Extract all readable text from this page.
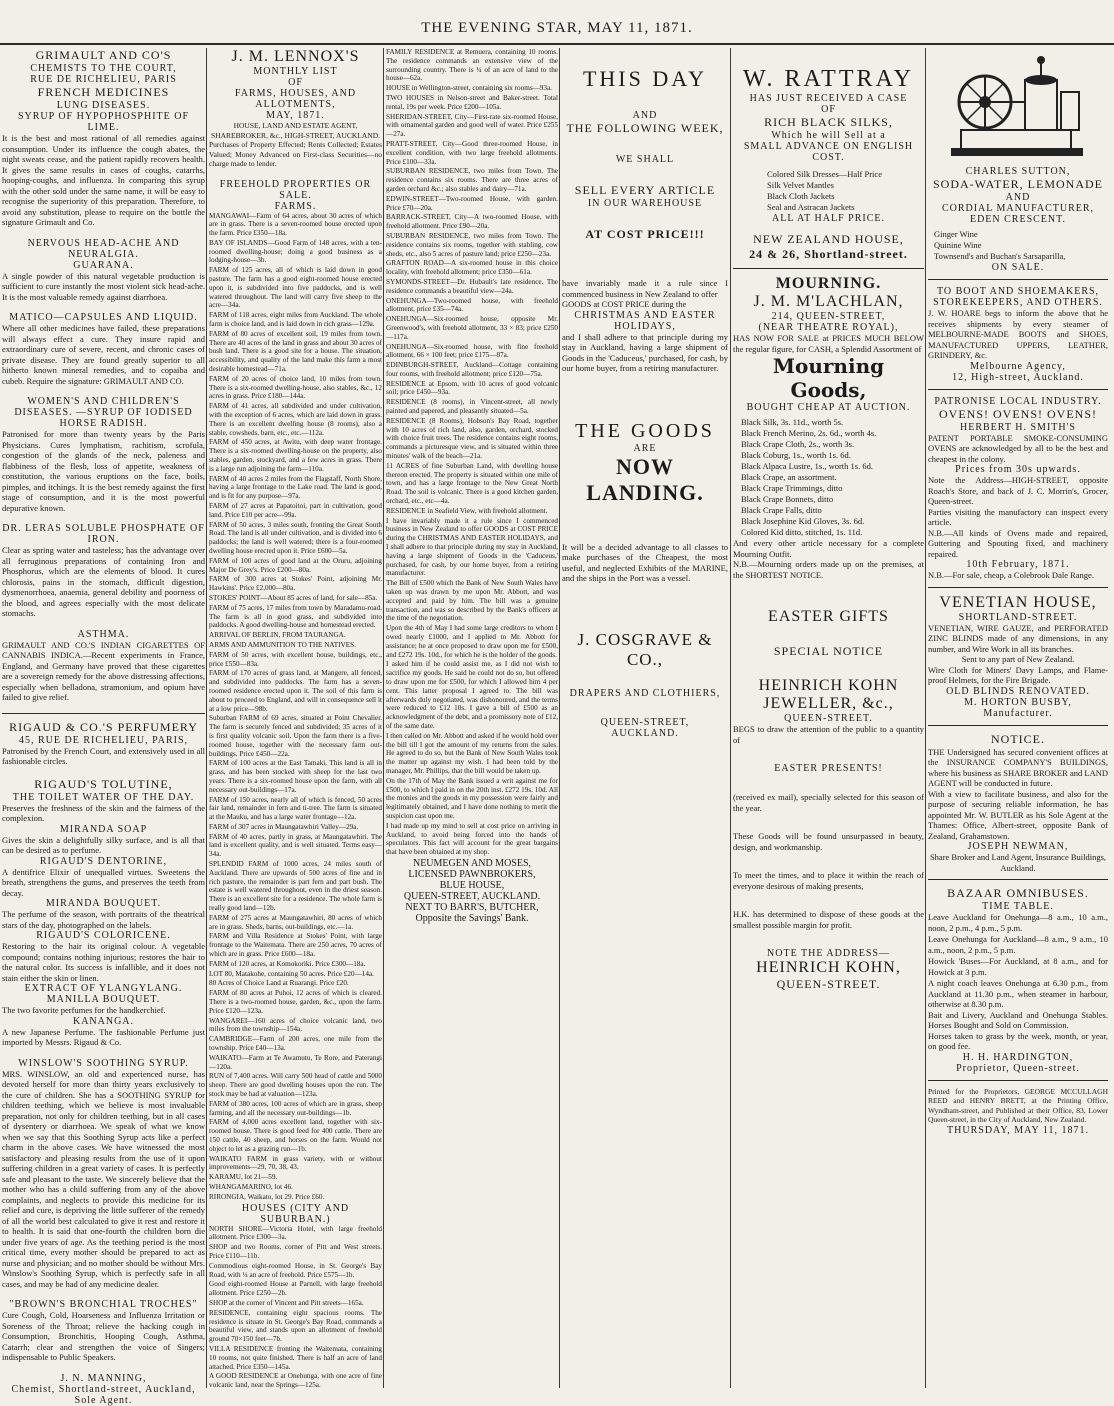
THE EVENING STAR, MAY 11, 1871.
GRIMAULT AND CO'S
CHEMISTS TO THE COURT,
RUE DE RICHELIEU, PARIS
FRENCH MEDICINES
LUNG DISEASES.
SYRUP OF HYPOPHOSPHITE OF LIME.
It is the best and most rational of all remedies against consumption. Under its influence the cough abates, the night sweats cease, and the patient rapidly recovers health. It gives the same results in cases of coughs, catarrhs, hooping-coughs, and influenza. In comparing this syrup with the other sold under the same name, it will be easy to recognise the superiority of this preparation. Therefore, to avoid any substitution, please to require on the bottle the signature Grimault and Co.
NERVOUS HEAD-ACHE AND NEURALGIA.
GUARANA.
A single powder of this natural vegetable production is sufficient to cure instantly the most violent sick head-ache. It is the most valuable remedy against diarrhoea.
MATICO—CAPSULES AND LIQUID.
Where all other medicines have failed, these preparations will always effect a cure. They insure rapid and extraordinary cure of severe, recent, and chronic cases of private disease. They are found greatly superior to all hitherto known mineral remedies, and to copaiba and cubeb. Require the signature: GRIMAULT AND CO.
WOMEN'S AND CHILDREN'S DISEASES. —SYRUP OF IODISED HORSE RADISH.
Patronised for more than twenty years by the Paris Physicians. Cures lymphatism, rachitism, scrofula, congestion of the glands of the neck, paleness and flabbiness of the flesh, loss of appetite, weakness of constitution, the various eruptions on the face, boils, pimples, and itchings. It is the best remedy against the first stage of consumption, and it is the most powerful depurative known.
DR. LERAS SOLUBLE PHOSPHATE OF IRON.
Clear as spring water and tasteless; has the advantage over all ferruginous preparations of containing Iron and Phosphorus, which are the elements of blood. It cures chlorosis, pains in the stomach, difficult digestion, dysmenorrhoea, anaemia, general debility and poorness of the blood, and agrees especially with the most delicate stomachs.
ASTHMA.
GRIMAULT AND CO.'S INDIAN CIGARETTES OF CANNABIS INDICA.—Recent experiments in France, England, and Germany have proved that these cigarettes are a sovereign remedy for the above distressing affections, especially when belladona, stramonium, and opium have failed to give relief.
RIGAUD & CO.'S PERFUMERY
45, RUE DE RICHELIEU, PARIS,
Patronised by the French Court, and extensively used in all fashionable circles.
RIGAUD'S TOLUTINE,
THE TOILET WATER OF THE DAY.
Preserves the freshness of the skin and the fairness of the complexion.
MIRANDA SOAP
Gives the skin a delightfully silky surface, and is all that can be desired as to perfume.
RIGAUD'S DENTORINE,
A dentifrice Elixir of unequalled virtues. Sweetens the breath, strengthens the gums, and preserves the teeth from decay.
MIRANDA BOUQUET.
The perfume of the season, with portraits of the theatrical stars of the day, photographed on the labels.
RIGAUD'S COLORICENE.
Restoring to the hair its original colour. A vegetable compound; contains nothing injurious; restores the hair to the natural color. Its success is infallible, and it does not stain either the skin or linen.
EXTRACT OF YLANGYLANG. MANILLA BOUQUET.
The two favorite perfumes for the handkerchief.
KANANGA.
A new Japanese Perfume. The fashionable Perfume just imported by Messrs. Rigaud & Co.
WINSLOW'S SOOTHING SYRUP.
MRS. WINSLOW, an old and experienced nurse, has devoted herself for more than thirty years exclusively to the cure of children. She has a SOOTHING SYRUP for children teething, which we believe is most invaluable preparation, not only for children teething, but in all cases of dysentery or diarrhoea. We speak of what we know when we say that this Soothing Syrup acts like a perfect charm in the above cases. We have witnessed the most satisfactory and pleasing results from the use of it upon suffering children in a great variety of cases. It is perfectly safe and pleasant to the taste. We sincerely believe that the mother who has a child suffering from any of the above complaints, and neglects to provide this medicine for its relief and cure, is depriving the little sufferer of the remedy of all the world best calculated to give it rest and restore it to health. It is said that one-fourth the children born die under five years of age. As the teething period is the most critical time, every mother should be prepared to act as nurse and physician; and no mother should be without Mrs. Winslow's Soothing Syrup, which is perfectly safe in all cases, and may be had of any medicine dealer.
"BROWN'S BRONCHIAL TROCHES"
Cure Cough, Cold, Hoarseness and Influenza Irritation or Soreness of the Throat; relieve the hacking cough in Consumption, Bronchitis, Hooping Cough, Asthma, Catarrh; clear and strengthen the voice of Singers; indispensable to Public Speakers.
J. N. MANNING,
Chemist, Shortland-street, Auckland,
Sole Agent.
J. M. LENNOX'S
MONTHLY LIST
OF
FARMS, HOUSES, AND ALLOTMENTS,
MAY, 1871.
HOUSE, LAND AND ESTATE AGENT, SHAREBROKER, &c., HIGH-STREET, AUCKLAND.
Purchases of Property Effected; Rents Collected; Estates Valued; Money Advanced on First-class Securities—no charge made to lender.
FREEHOLD PROPERTIES OR SALE.
FARMS.
MANGAWAI—Farm of 64 acres, about 30 acres of which are in grass. There is a seven-roomed house erected upon the farm. Price £350—18a.
BAY OF ISLANDS—Good Farm of 148 acres, with a ten-roomed dwelling-house; doing a good business as a lodging-house—3b.
FARM of 125 acres, all of which is laid down in good pasture. The farm has a good eight-roomed house erected upon it, is subdivided into five paddocks, and is well watered throughout. The land will carry five sheep to the acre—34a.
FARM of 118 acres, eight miles from Auckland. The whole farm is choice land, and is laid down in rich grass—129a.
FARM of 80 acres of excellent soil, 19 miles from town. There are 40 acres of the land in grass and about 30 acres of bush land. There is a good site for a house. The situation, accessibility, and quality of the land make this farm a most desirable homestead—71a.
FARM of 20 acres of choice land, 10 miles from town. There is a six-roomed dwelling-house, also stables, &c., 12 acres in grass. Price £180—144a.
FARM of 41 acres, all subdivided and under cultivation, with the exception of 6 acres, which are laid down in grass. There is an excellent dwelling house (8 rooms), also a stable, cowsheds, barn, etc., etc.—112a.
FARM of 450 acres, at Awitu, with deep water frontage. There is a six-roomed dwelling-house on the property, also stables, garden, stockyard, and a few acres in grass. There is a large run adjoining the farm—110a.
FARM of 40 acres 2 miles from the Flagstaff, North Shore, having a large frontage to the Lake road. The land is good, and is fit for any purpose—97a.
FARM of 27 acres at Papatoitoi, part in cultivation, good land. Price £10 per acre—99a.
FARM of 50 acres, 3 miles south, fronting the Great South Road. The land is all under cultivation, and is divided into 6 paddocks; the land is well watered; there is a four-roomed dwelling house erected upon it. Price £600—5a.
FARM of 100 acres of good land at the Oruru, adjoining Major De Grey's. Price £200—80a.
FARM of 300 acres at Stokes' Point, adjoining Mr. Hawkins'. Price £2,000—80a.
STOKES' POINT—About 85 acres of land, for sale—85a.
FARM of 75 acres, 17 miles from town by Maradamu-road. The farm is all in good grass, and subdivided into paddocks. A good dwelling-house and homestead erected.
ARRIVAL OF BERLIN, FROM TAURANGA.
ARMS AND AMMUNITION TO THE NATIVES.
FARM of 50 acres, with excellent house, buildings, etc., price £550—83a.
FARM of 170 acres of grass land, at Mangere, all fenced, and subdivided into paddocks. The farm has a seven-roomed residence erected upon it. The soil of this farm is about to proceed to England, and will in consequence sell it at a low price—98b.
Suburban FARM of 69 acres, situated at Point Chevalier. The farm is securely fenced and subdivided; 35 acres of it is first quality volcanic soil. Upon the farm there is a five-roomed house, together with the necessary farm out-buildings. Price £450—22a.
FARM of 100 acres at the East Tamaki. This land is all in grass, and has been stocked with sheep for the last two years. There is a six-roomed house upon the farm, with all necessary out-buildings—17a.
FARM of 150 acres, nearly all of which is fenced, 50 acres fair land, remainder in fern and ti-tree. The farm is situated at the Mauku, and has a large water frontage—12a.
FARM of 307 acres in Maungatawhiri Valley—29a.
FARM of 40 acres, partly in grass, at Maungatawhiri. The land is excellent quality, and is well situated. Terms easy—34a.
SPLENDID FARM of 1000 acres, 24 miles south of Auckland. There are upwards of 500 acres of fine and in rich pasture, the remainder is part fern and part bush. The estate is well watered throughout, even in the driest season. There is an excellent site for a residence. The whole farm is really good land—12b.
FARM of 275 acres at Maungatawhiri, 80 acres of which are in grass. Sheds, barns, out-buildings, etc.—1a.
FARM and Villa Residence at Stokes' Point, with large frontage to the Waitemata. There are 250 acres, 70 acres of which are in grass. Price £600—18a.
FARM of 120 acres, at Komokoriki. Price £300—18a.
LOT 80, Matakohe, containing 50 acres. Price £20—14a.
80 Acres of Choice Land at Ruarangi. Price £20.
FARM of 80 acres at Puhoi, 12 acres of which is cleared. There is a two-roomed house, garden, &c., upon the farm. Price £120—123a.
WANGAREI—160 acres of choice volcanic land, two miles from the township—154a.
CAMBRIDGE—Farm of 200 acres, one mile from the township. Price £40—13a.
WAIKATO—Farm at Te Awamutu, Te Rore, and Paterangi—120a.
RUN of 7,400 acres. Will carry 500 head of cattle and 5000 sheep. There are good dwelling houses upon the run. The stock may be had at valuation—123a.
FARM of 380 acres, 100 acres of which are in grass, sheep farming, and all the necessary out-buildings—1b.
FARM of 4,000 acres excellent land, together with six-roomed house. There is good feed for 400 cattle. There are 150 cattle, 40 sheep, and horses on the farm. Would not object to let as a grazing run—1b.
WAIKATO FARM in grass variety, with or without improvements—29, 70, 38, 43.
KARAMU, lot 21—59.
WHANGAMARINO, lot 46.
RIRONGIA, Waikato, lot 29. Price £60.
HOUSES (CITY AND SUBURBAN.)
NORTH SHORE—Victoria Hotel, with large freehold allotment. Price £300—3a.
SHOP and two Rooms, corner of Pitt and West streets. Price £110—11b.
Commodious eight-roomed House, in St. George's Bay Road, with ¼ an acre of freehold. Price £575—1b.
Good eight-roomed House at Parnell, with large freehold allotment. Price £250—2b.
SHOP at the corner of Vincent and Pitt streets—165a.
RESIDENCE, containing eight spacious rooms. The residence is situate in St. George's Bay Road, commands a beautiful view, and stands upon an allotment of freehold ground 70×150 feet—7b.
VILLA RESIDENCE fronting the Waitemata, containing 10 rooms, not quite finished. There is half an acre of land attached. Price £350—145a.
A GOOD RESIDENCE at Onehunga, with one acre of fine volcanic land, near the Springs—125a.
FAMILY RESIDENCE at Remuera, containing 10 rooms. The residence commands an extensive view of the surrounding country. There is ¼ of an acre of land to the house—62a.
HOUSE in Wellington-street, containing six rooms—93a.
TWO HOUSES in Nelson-street and Baker-street. Total rental, 19s per week. Price £200—105a.
SHERIDAN-STREET, City—First-rate six-roomed House, with ornamental garden and good well of water. Price £255—27a.
PRATT-STREET, City—Good three-roomed House, in excellent condition, with two large freehold allotments. Price £100—33a.
SUBURBAN RESIDENCE, two miles from Town. The residence contains six rooms. There are three acres of garden orchard &c.; also stables and dairy—71a.
EDWIN-STREET—Two-roomed House, with garden. Price £70—20a.
BARRACK-STREET, City—A two-roomed House, with freehold allotment. Price £90—20a.
SUBURBAN RESIDENCE, two miles from Town. The residence contains six rooms, together with stabling, cow sheds, etc., also 5 acres of pasture land; price £250—23a.
GRAFTON ROAD—A six-roomed house in this choice locality, with freehold allotment; price £350—61a.
SYMONDS-STREET—Dr. Hubault's late residence. The residence commands a beautiful view—24a.
ONEHUNGA—Two-roomed house, with freehold allotment, price £35—74a.
ONEHUNGA—Six-roomed house, opposite Mr. Greenwood's, with freehold allotment, 33 × 83; price £250—117a.
ONEHUNGA—Six-roomed house, with fine freehold allotment, 66 × 100 feet; price £175—87a.
EDINBURGH-STREET, Auckland—Cottage containing four rooms, with freehold allotment; price £120—75a.
RESIDENCE at Epsom, with 10 acres of good volcanic soil; price £450—93a.
RESIDENCE (8 rooms), in Vincent-street, all newly painted and papered, and pleasantly situated—5a.
RESIDENCE (8 Rooms), Hobson's Bay Road, together with 10 acres of rich land, also, garden, orchard, stocked with choice fruit trees. The residence contains eight rooms, commands a picturesque view, and is situated within three minutes' walk of the beach—21a.
11 ACRES of fine Suburban Land, with dwelling house thereon erected. The property is situated within one mile of town, and has a large frontage to the New Great North Road. The soil is volcanic. There is a good kitchen garden, orchard, etc., etc—4a.
RESIDENCE in Seafield View, with freehold allotment.
I have invariably made it a rule since I commenced business in New Zealand to offer GOODS at COST PRICE during the CHRISTMAS AND EASTER HOLIDAYS, and I shall adhere to that principle during my stay in Auckland, having a large shipment of Goods in the 'Caduceus,' purchased, for cash, by our home buyer, from a retiring manufacturer.
The Bill of £500 which the Bank of New South Wales have taken up was drawn by me upon Mr. Abbott, and was accepted and paid by him. The bill was a genuine transaction, and was so described by the Bank's officers at the time of the negotiation.
Upon the 4th of May I had some large creditors to whom I owed nearly £1000, and I applied to Mr. Abbott for assistance; he at once proposed to draw upon me for £500, and £272 19s. 10d., for which he is the holder of the goods.
I asked him if he could assist me, as I did not wish to sacrifice my goods. He said he could not do so, but offered to draw upon me for £500, for which I allowed him 4 per cent. This latter proposal I agreed to. The bill was afterwards duly negotiated, was dishonoured, and the terms were reduced to £12 10s. I gave a bill of £500 as an acknowledgment of the debt, and a promissory note of £12, of the same date.
I then called on Mr. Abbott and asked if he would hold over the bill till I got the amount of my returns from the sales. He agreed to do so, but the Bank of New South Wales took the matter up against my wish. I had been told by the manager, Mr. Phillips, that the bill would be taken up.
On the 17th of May the Bank issued a writ against me for £500, to which I paid in on the 20th inst. £272 19s. 10d. All the monies and the goods in my possession were fairly and legitimately obtained, and I have done nothing to merit the suspicion cast upon me.
I had made up my mind to sell at cost price on arriving in Auckland, to avoid being forced into the hands of speculators. This fact will account for the great bargains that have been obtained at my shop.
NEUMEGEN AND MOSES,
LICENSED PAWNBROKERS,
BLUE HOUSE,
QUEEN-STREET, AUCKLAND.
NEXT TO BARR'S, BUTCHER,
Opposite the Savings' Bank.
THIS DAY
AND
THE FOLLOWING WEEK,
WE SHALL
SELL EVERY ARTICLE
IN OUR WAREHOUSE
AT COST PRICE!!!
have invariably made it a rule since I commenced business in New Zealand to offer
GOODS at COST PRICE during the
CHRISTMAS AND EASTER
HOLIDAYS,
and I shall adhere to that principle during my stay in Auckland, having a large shipment of Goods in the 'Caduceus,' purchased, for cash, by our home buyer, from a retiring manufacturer.
THE GOODS
ARE
NOW LANDING.
It will be a decided advantage to all classes to make purchases of the Cheapest, the most useful, and neglected Exhibits of the MARINE, and the ships in the Port was a vessel.
J. COSGRAVE & CO.,
DRAPERS AND CLOTHIERS,
QUEEN-STREET,
AUCKLAND.
W. RATTRAY
HAS JUST RECEIVED A CASE
OF
RICH BLACK SILKS,
Which he will Sell at a
SMALL ADVANCE ON ENGLISH COST.
Colored Silk Dresses—Half Price
Silk Velvet Mantles
Black Cloth Jackets
Seal and Astracan Jackets
ALL AT HALF PRICE.
NEW ZEALAND HOUSE,
24 & 26, Shortland-street.
MOURNING.
J. M. M'LACHLAN,
214, QUEEN-STREET,
(NEAR THEATRE ROYAL),
HAS NOW FOR SALE at PRICES MUCH BELOW the regular figure, for CASH, a Splendid Assortment of
Mourning Goods,
BOUGHT CHEAP AT AUCTION.
Black Silk, 3s. 11d., worth 5s.
Black French Merino, 2s. 6d., worth 4s.
Black Crape Cloth, 2s., worth 3s.
Black Coburg, 1s., worth 1s. 6d.
Black Alpaca Lustre, 1s., worth 1s. 6d.
Black Crape, an assortment.
Black Crape Trimmings, ditto
Black Crape Bonnets, ditto
Black Crape Falls, ditto
Black Josephine Kid Gloves, 3s. 6d.
Colored Kid ditto, stitched, 1s. 11d.
And every other article necessary for a complete Mourning Outfit.
N.B.—Mourning orders made up on the premises, at the SHORTEST NOTICE.
EASTER GIFTS
SPECIAL NOTICE
HEINRICH KOHN
JEWELLER, &c.,
QUEEN-STREET.
BEGS to draw the attention of the public to a quantity of
EASTER PRESENTS!
(received ex mail), specially selected for this season of the year.
These Goods will be found unsurpassed in beauty, design, and workmanship.
To meet the times, and to place it within the reach of everyone desirous of making presents,
H.K. has determined to dispose of these goods at the smallest possible margin for profit.
NOTE THE ADDRESS—
HEINRICH KOHN,
QUEEN-STREET.
CHARLES SUTTON,
SODA-WATER, LEMONADE
AND
CORDIAL MANUFACTURER,
EDEN CRESCENT.
Ginger Wine
Quinine Wine
Townsend's and Buchan's Sarsaparilla,
ON SALE.
TO BOOT AND SHOEMAKERS, STOREKEEPERS, AND OTHERS.
J. W. HOARE begs to inform the above that he receives shipments by every steamer of MELBOURNE-MADE BOOTS and SHOES, MANUFACTURED UPPERS, LEATHER, GRINDERY, &c.
Melbourne Agency,
12, High-street, Auckland.
PATRONISE LOCAL INDUSTRY.
OVENS! OVENS! OVENS!
HERBERT H. SMITH'S
PATENT PORTABLE SMOKE-CONSUMING OVENS are acknowledged by all to be the best and cheapest in the colony.
Prices from 30s upwards.
Note the Address—HIGH-STREET, opposite Roach's Store, and back of J. C. Morrin's, Grocer, Queen-street.
Parties visiting the manufactory can inspect every article.
N.B.—All kinds of Ovens made and repaired, Guttering and Spouting fixed, and machinery repaired.
10th February, 1871.
N.B.—For sale, cheap, a Colebrook Dale Range.
VENETIAN HOUSE,
SHORTLAND-STREET.
VENETIAN, WIRE GAUZE, and PERFORATED ZINC BLINDS made of any dimensions, in any number, and Wire Work in all its branches.
Sent to any part of New Zealand.
Wire Cloth for Miners' Davy Lamps, and Flame-proof Helmets, for the Fire Brigade.
OLD BLINDS RENOVATED.
M. HORTON BUSBY,
Manufacturer.
NOTICE.
THE Undersigned has secured convenient offices at the INSURANCE COMPANY'S BUILDINGS, where his business as SHARE BROKER and LAND AGENT will be conducted in future.
With a view to facilitate business, and also for the purpose of securing reliable information, he has appointed Mr. W. BUTLER as his Sole Agent at the Thames: Office, Albert-street, opposite Bank of Zealand, Grahamstown.
JOSEPH NEWMAN,
Share Broker and Land Agent, Insurance Buildings, Auckland.
BAZAAR OMNIBUSES.
TIME TABLE.
Leave Auckland for Onehunga—8 a.m., 10 a.m., noon, 2 p.m., 4 p.m., 5 p.m.
Leave Onehunga for Auckland—8 a.m., 9 a.m., 10 a.m., noon, 2 p.m., 5 p.m.
Howick 'Buses—For Auckland, at 8 a.m., and for Howick at 3 p.m.
A night coach leaves Onehunga at 6.30 p.m., from Auckland at 11.30 p.m., when steamer in harbour, otherwise at 8.30 p.m.
Bait and Livery, Auckland and Onehunga Stables. Horses Bought and Sold on Commission.
Horses taken to grass by the week, month, or year, on good fee.
H. H. HARDINGTON,
Proprietor, Queen-street.
Printed for the Proprietors, GEORGE MCCULLAGH REED and HENRY BRETT, at the Printing Office, Wyndham-street, and Published at their Office, 83, Lower Queen-street, in the City of Auckland, New Zealand.
THURSDAY, MAY 11, 1871.
